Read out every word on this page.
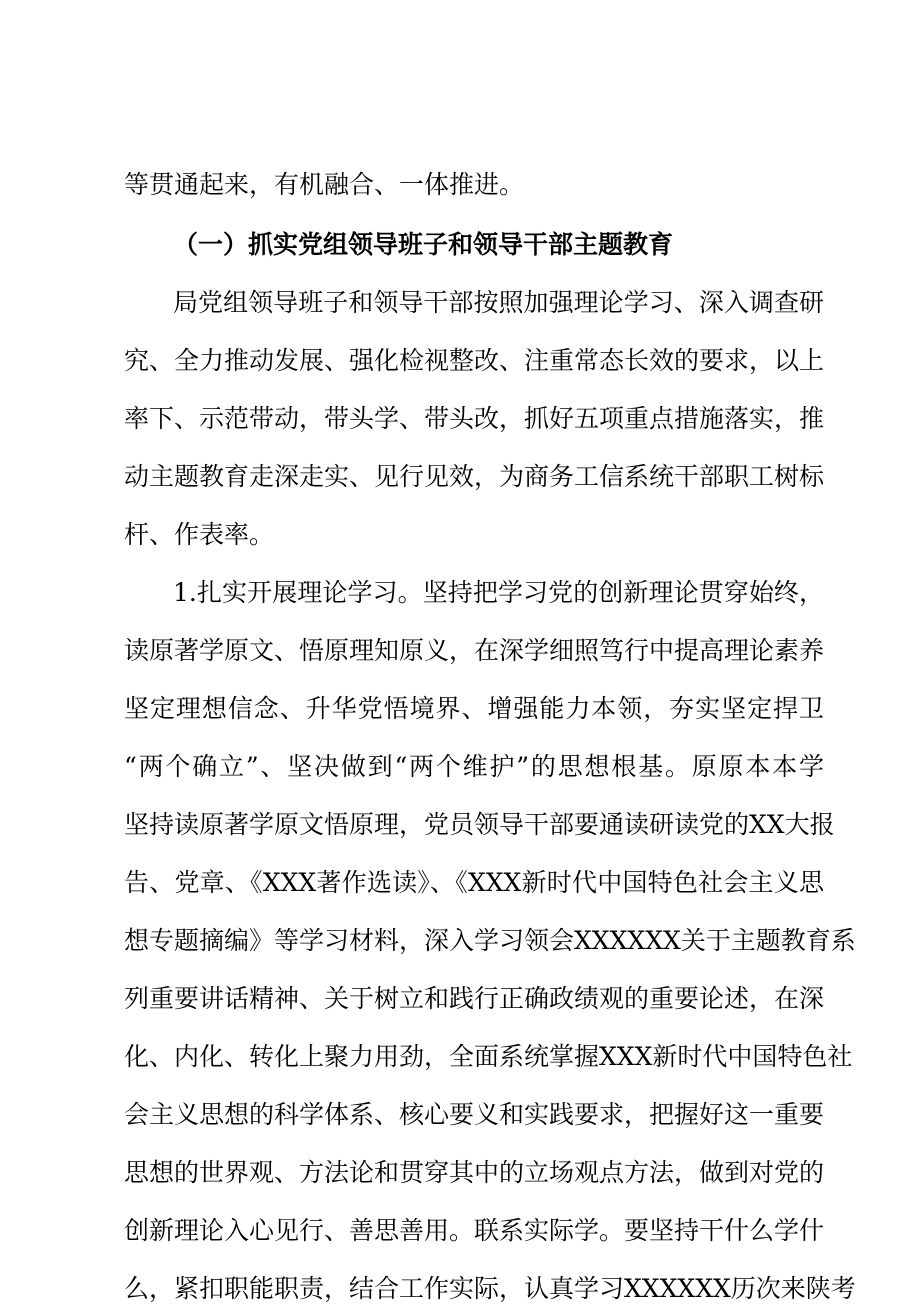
等贯通起来，有机融合、一体推进。
（一）抓实党组领导班子和领导干部主题教育
局党组领导班子和领导干部按照加强理论学习、深入调查研
究、全力推动发展、强化检视整改、注重常态长效的要求，以上
率下、示范带动，带头学、带头改，抓好五项重点措施落实，推
动主题教育走深走实、见行见效，为商务工信系统干部职工树标
杆、作表率。
1.扎实开展理论学习。坚持把学习党的创新理论贯穿始终，
读原著学原文、悟原理知原义，在深学细照笃行中提高理论素养
坚定理想信念、升华党悟境界、增强能力本领，夯实坚定捍卫
“两个确立”、坚决做到“两个维护”的思想根基。原原本本学
坚持读原著学原文悟原理，党员领导干部要通读研读党的XX大报
告、党章、《XXX著作选读》、《XXX新时代中国特色社会主义思
想专题摘编》等学习材料，深入学习领会XXXXXX关于主题教育系
列重要讲话精神、关于树立和践行正确政绩观的重要论述，在深
化、内化、转化上聚力用劲，全面系统掌握XXX新时代中国特色社
会主义思想的科学体系、核心要义和实践要求，把握好这一重要
思想的世界观、方法论和贯穿其中的立场观点方法，做到对党的
创新理论入心见行、善思善用。联系实际学。要坚持干什么学什
么，紧扣职能职责，结合工作实际，认真学习XXXXXX历次来陕考
